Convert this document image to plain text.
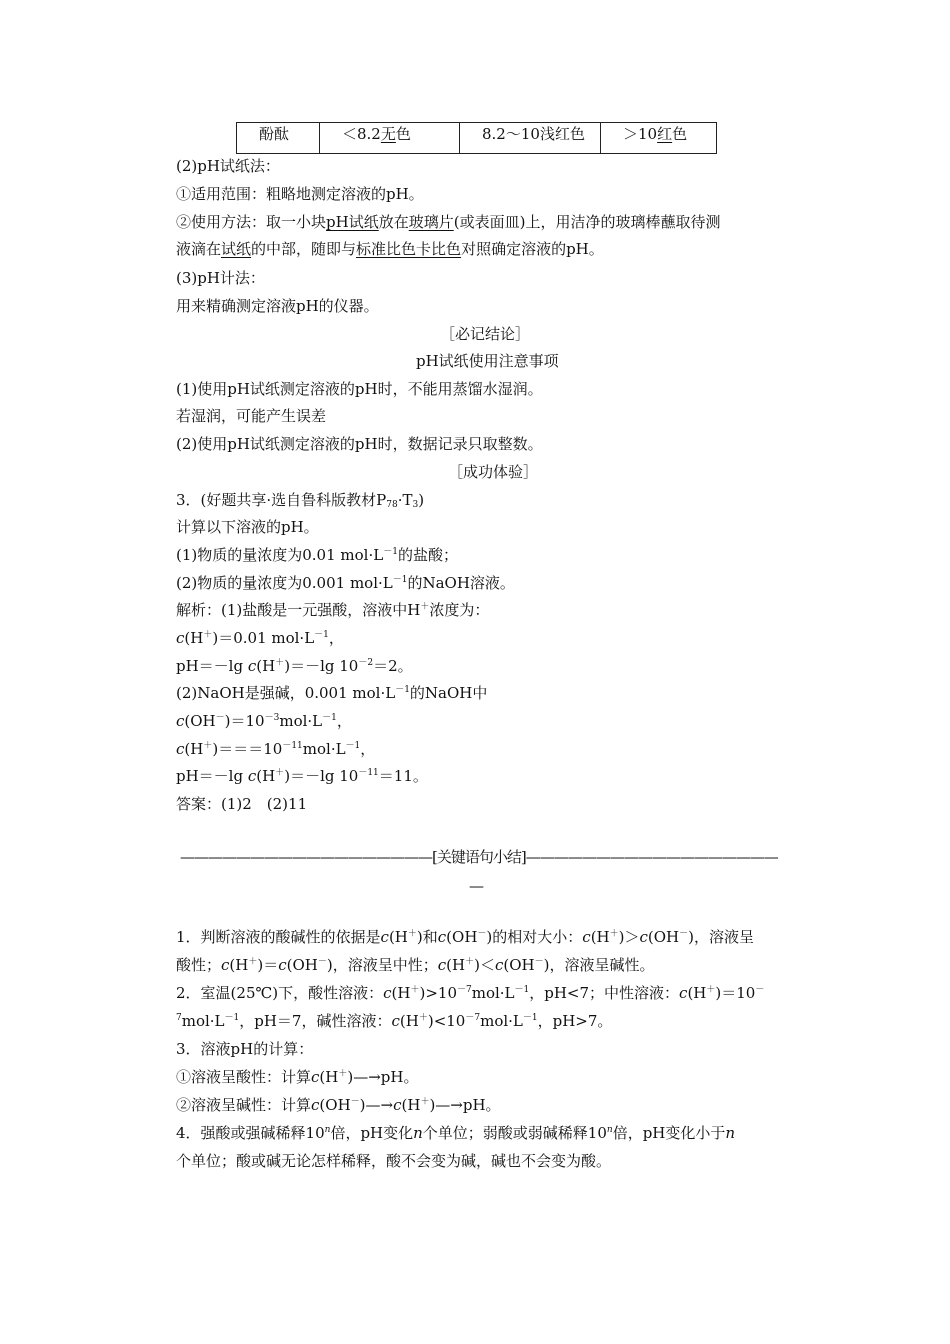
酚酞	＜8.2无色	8.2～10浅红色	＞10红色
(2)pH试纸法：
①适用范围：粗略地测定溶液的pH。
②使用方法：取一小块pH试纸放在玻璃片(或表面皿)上，用洁净的玻璃棒蘸取待测
液滴在试纸的中部，随即与标准比色卡比色对照确定溶液的pH。
(3)pH计法：
用来精确测定溶液pH的仪器。
［必记结论］
pH试纸使用注意事项
(1)使用pH试纸测定溶液的pH时，不能用蒸馏水湿润。
若湿润，可能产生误差
(2)使用pH试纸测定溶液的pH时，数据记录只取整数。
［成功体验］
3．(好题共享·选自鲁科版教材$P_{78}\cdot T_3$)
计算以下溶液的pH。
(1)物质的量浓度为0.01 $mol\cdot L^{-1}$的盐酸；
(2)物质的量浓度为0.001 $mol\cdot L^{-1}$的NaOH溶液。
解析：(1)盐酸是一元强酸，溶液中H＋浓度为：
c(H＋)＝0.01 $mol\cdot L^{-1}$，
pH＝－lg c(H＋)＝－lg $10^{-2}=2$。
(2)NaOH是强碱，0.001 $mol\cdot L^{-1}$的NaOH中
$c(OH^-)=10^{-3}mol\cdot L^{-1}$，
$c(H^+)===10^{-11}mol\cdot L^{-1}$，
pH＝－lg c(H＋)＝－lg $10^{-11}=11$。
答案：(1)2　(2)11
——————————————————[关键语句小结]——————————————————
—
1．判断溶液的酸碱性的依据是c(H＋)和c(OH－)的相对大小：c(H＋)＞c(OH－)，溶液呈
酸性；c(H＋)＝c(OH－)，溶液呈中性；c(H＋)＜c(OH－)，溶液呈碱性。
2．室温(25℃)下，酸性溶液：$c(H^+)>10^{-7}mol\cdot L^{-1}$，pH<7；中性溶液：c(H＋)＝10－
$^7mol\cdot L^{-1}$，pH＝7，碱性溶液：$c(H^+)<10^{-7}mol\cdot L^{-1}$，pH>7。
3．溶液pH的计算：
①溶液呈酸性：计算c(H＋)—→pH。
②溶液呈碱性：计算c(OH－)—→c(H＋)—→pH。
4．强酸或强碱稀释10$^n$倍，pH变化n个单位；弱酸或弱碱稀释10$^n$倍，pH变化小于n
个单位；酸或碱无论怎样稀释，酸不会变为碱，碱也不会变为酸。
